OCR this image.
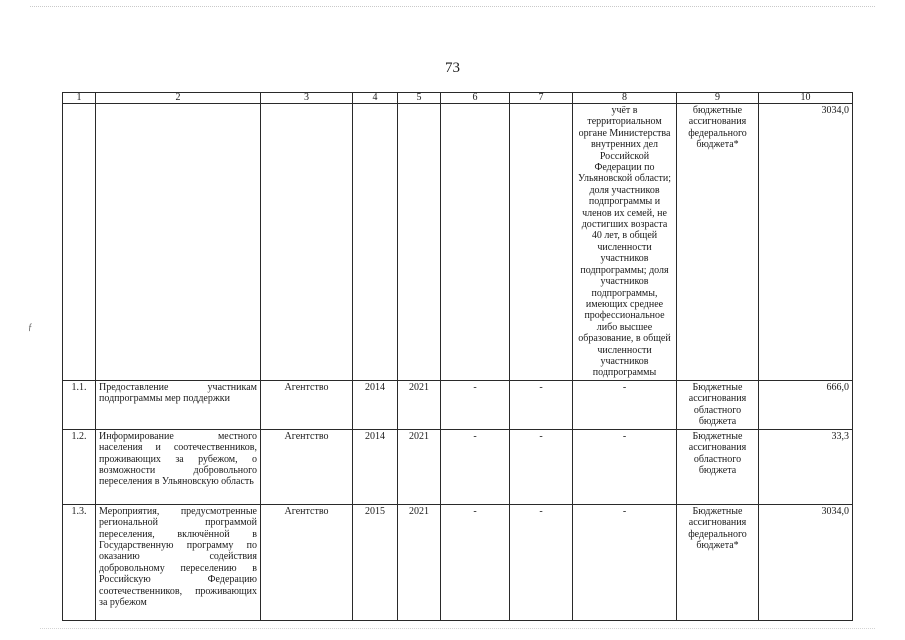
73
ƒ
1	2	3	4	5	6	7	8	9	10
							учёт в территориальном органе Министерства внутренних дел Российской Федерации по Ульяновской области; доля участников подпрограммы и членов их семей, не достигших возраста 40 лет, в общей численности участников подпрограммы; доля участников подпрограммы, имеющих среднее профессиональное либо высшее образование, в общей численности участников подпрограммы	бюджетные ассигнования федерального бюджета*	3034,0
1.1.	Предоставление участникам подпрограммы мер поддержки	Агентство	2014	2021	-	-	-	Бюджетные ассигнования областного бюджета	666,0
1.2.	Информирование местного населения и соотечественников, проживающих за рубежом, о возможности добровольного переселения в Ульяновскую область	Агентство	2014	2021	-	-	-	Бюджетные ассигнования областного бюджета	33,3
1.3.	Мероприятия, предусмотренные региональной программой переселения, включённой в Государственную программу по оказанию содействия добровольному переселению в Российскую Федерацию соотечественников, проживающих за рубежом	Агентство	2015	2021	-	-	-	Бюджетные ассигнования федерального бюджета*	3034,0
